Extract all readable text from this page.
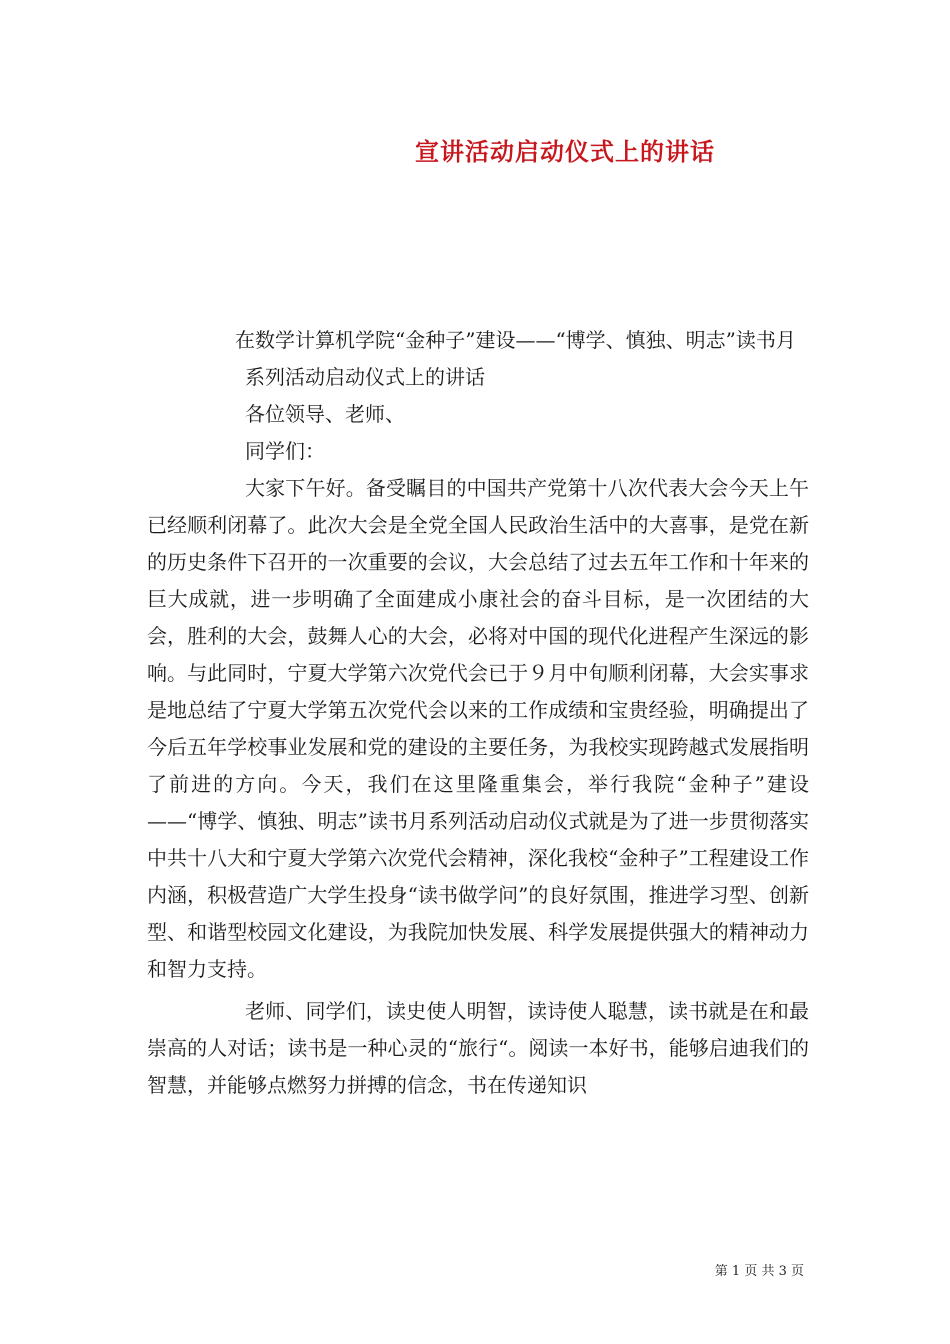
宣讲活动启动仪式上的讲话

在数学计算机学院“金种子”建设——“博学、慎独、明志”读书月

系列活动启动仪式上的讲话

各位领导、老师、

同学们：

大家下午好。备受瞩目的中国共产党第十八次代表大会今天上午已经顺利闭幕了。此次大会是全党全国人民政治生活中的大喜事，是党在新的历史条件下召开的一次重要的会议，大会总结了过去五年工作和十年来的巨大成就，进一步明确了全面建成小康社会的奋斗目标，是一次团结的大会，胜利的大会，鼓舞人心的大会，必将对中国的现代化进程产生深远的影响。与此同时，宁夏大学第六次党代会已于９月中旬顺利闭幕，大会实事求是地总结了宁夏大学第五次党代会以来的工作成绩和宝贵经验，明确提出了今后五年学校事业发展和党的建设的主要任务，为我校实现跨越式发展指明了前进的方向。今天，我们在这里隆重集会，举行我院“金种子”建设——“博学、慎独、明志”读书月系列活动启动仪式就是为了进一步贯彻落实中共十八大和宁夏大学第六次党代会精神，深化我校“金种子”工程建设工作内涵，积极营造广大学生投身“读书做学问”的良好氛围，推进学习型、创新型、和谐型校园文化建设，为我院加快发展、科学发展提供强大的精神动力和智力支持。

老师、同学们，读史使人明智，读诗使人聪慧，读书就是在和最崇高的人对话；读书是一种心灵的“旅行“。阅读一本好书，能够启迪我们的智慧，并能够点燃努力拼搏的信念，书在传递知识

第 1 页 共 3 页
